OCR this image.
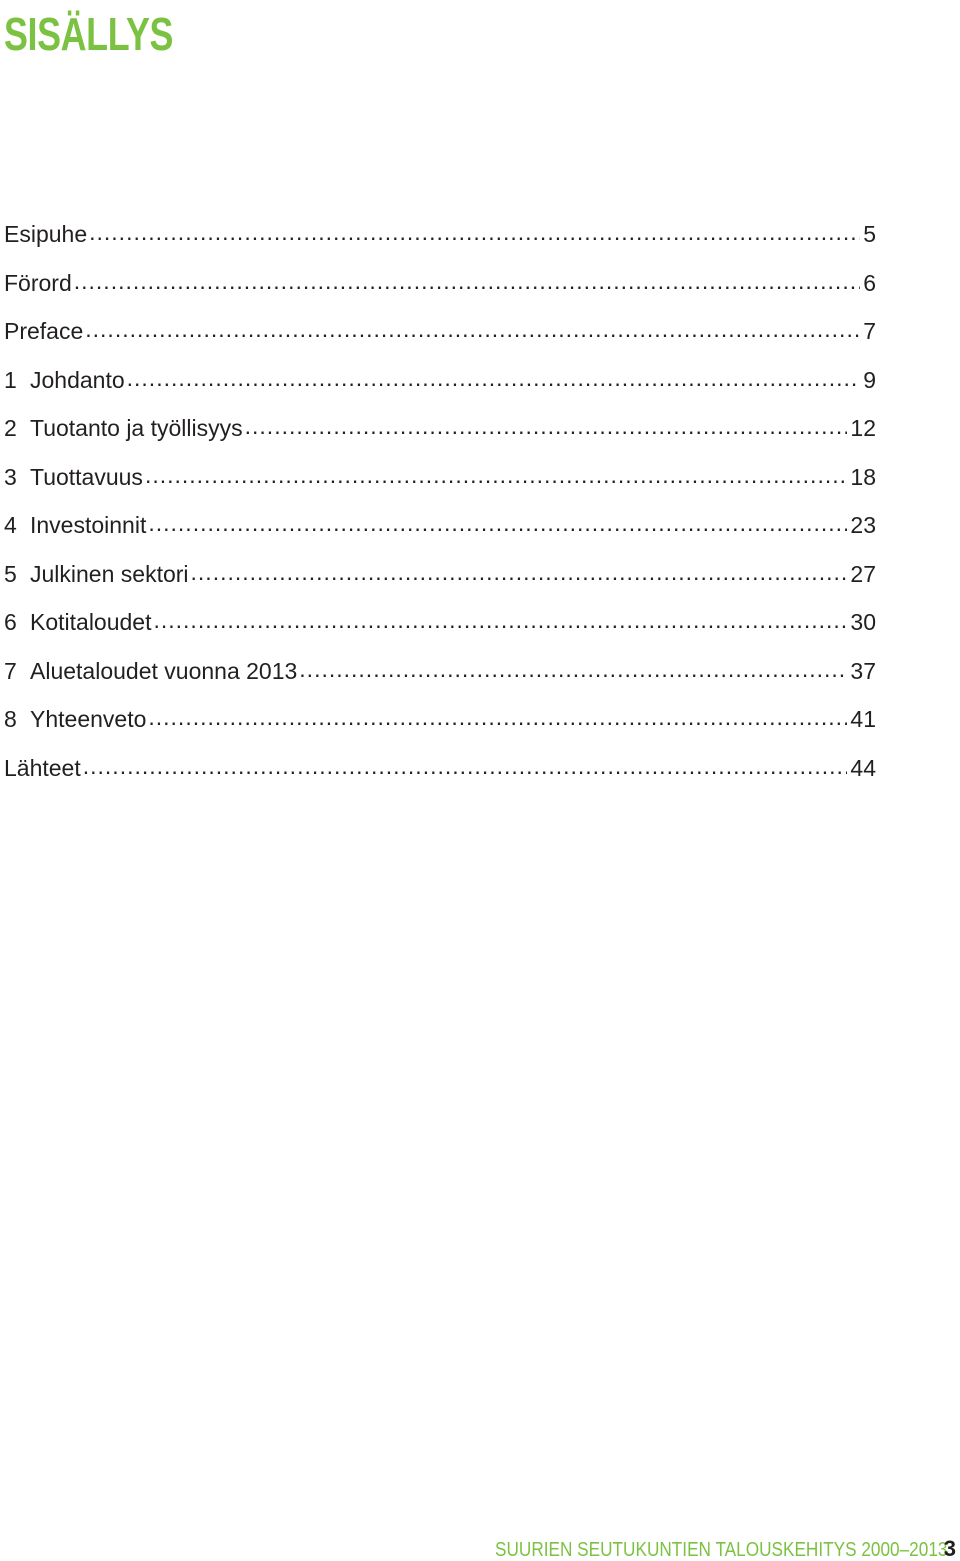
SISÄLLYS
Esipuhe .....	5
Förord .....	6
Preface .....	7
1 Johdanto .....	9
2 Tuotanto ja työllisyys .....	12
3 Tuottavuus .....	18
4 Investoinnit .....	23
5 Julkinen sektori .....	27
6 Kotitaloudet .....	30
7 Aluetaloudet vuonna 2013 .....	37
8 Yhteenveto .....	41
Lähteet .....	44
SUURIEN SEUTUKUNTIEN TALOUSKEHITYS 2000–2013
3
